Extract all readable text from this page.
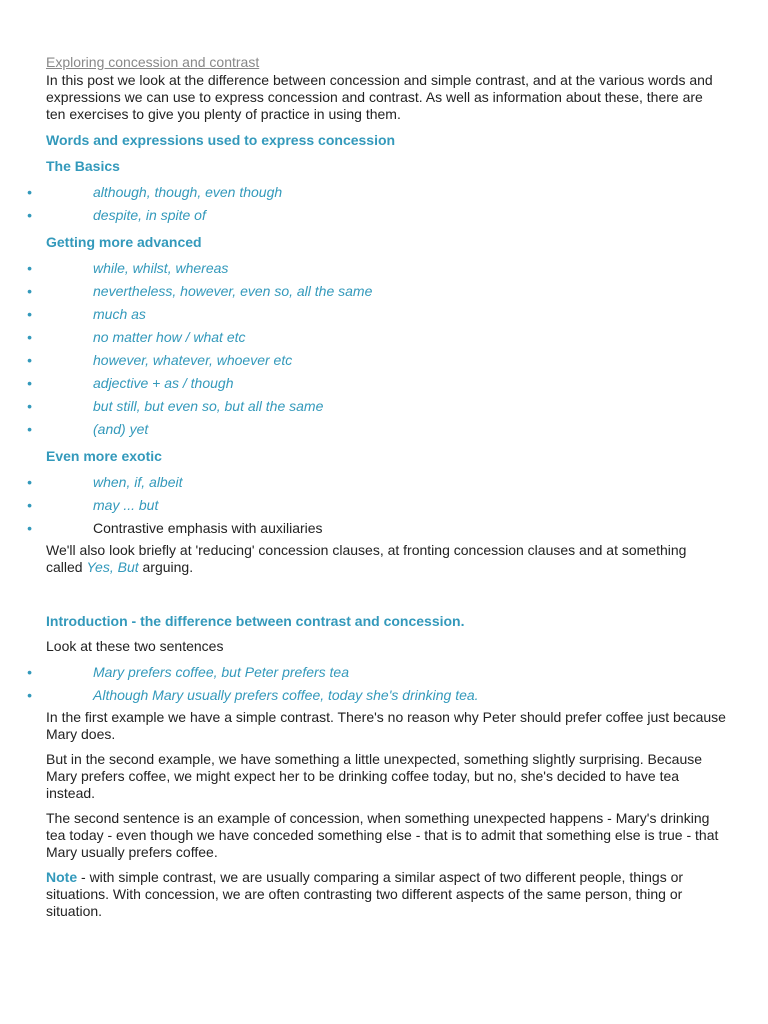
Exploring concession and contrast

In this post we look at the difference between concession and simple contrast, and at the various words and expressions we can use to express concession and contrast. As well as information about these, there are ten exercises to give you plenty of practice in using them.

Words and expressions used to express concession
The Basics
•	although, though, even though
•	despite, in spite of
Getting more advanced
•	while, whilst, whereas
•	nevertheless, however, even so, all the same
•	much as
•	no matter how / what etc
•	however, whatever, whoever etc
•	adjective + as / though
•	but still, but even so, but all the same
•	(and) yet
Even more exotic
•	when, if, albeit
•	may ... but
•	Contrastive emphasis with auxiliaries

We'll also look briefly at 'reducing' concession clauses, at fronting concession clauses and at something called Yes, But arguing.

Introduction - the difference between contrast and concession.

Look at these two sentences

•	Mary prefers coffee, but Peter prefers tea
•	Although Mary usually prefers coffee, today she's drinking tea.

In the first example we have a simple contrast. There's no reason why Peter should prefer coffee just because Mary does.

But in the second example, we have something a little unexpected, something slightly surprising. Because Mary prefers coffee, we might expect her to be drinking coffee today, but no, she's decided to have tea instead.

The second sentence is an example of concession, when something unexpected happens - Mary's drinking tea today - even though we have conceded something else - that is to admit that something else is true - that Mary usually prefers coffee.

Note - with simple contrast, we are usually comparing a similar aspect of two different people, things or situations. With concession, we are often contrasting two different aspects of the same person, thing or situation.
